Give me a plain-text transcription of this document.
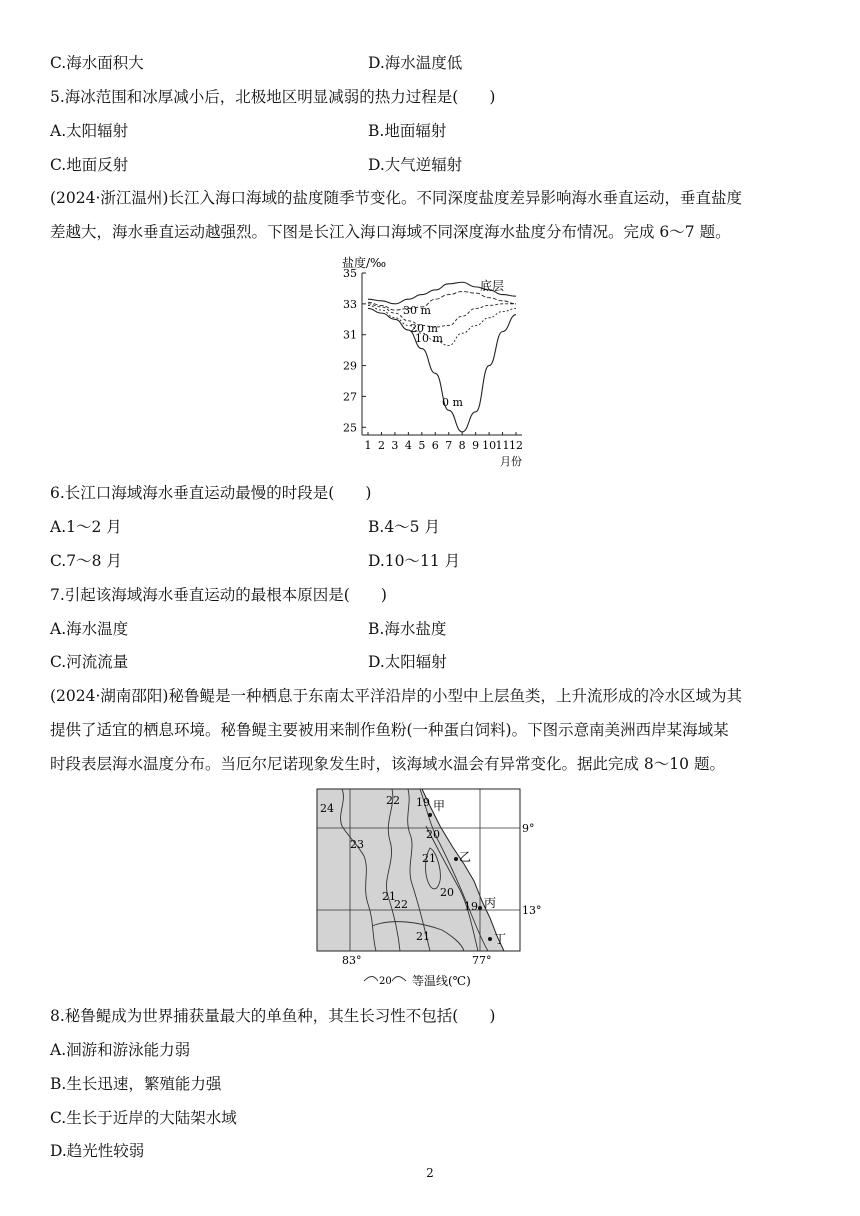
C.海水面积大	D.海水温度低
5.海冰范围和冰厚减小后，北极地区明显减弱的热力过程是(　　)
A.太阳辐射	B.地面辐射
C.地面反射	D.大气逆辐射
(2024·浙江温州)长江入海口海域的盐度随季节变化。不同深度盐度差异影响海水垂直运动，垂直盐度
差越大，海水垂直运动越强烈。下图是长江入海口海域不同深度海水盐度分布情况。完成 6～7 题。
盐度/‰
35
33
31
29
27
25
1 2 3 4 5 6 7 8 9 10 11 12
底层
30 m
20 m
10 m
0 m
月份
6.长江口海域海水垂直运动最慢的时段是(　　)
A.1～2 月	B.4～5 月
C.7～8 月	D.10～11 月
7.引起该海域海水垂直运动的最根本原因是(　　)
A.海水温度	B.海水盐度
C.河流流量	D.太阳辐射
(2024·湖南邵阳)秘鲁鳀是一种栖息于东南太平洋沿岸的小型中上层鱼类，上升流形成的冷水区域为其
提供了适宜的栖息环境。秘鲁鳀主要被用来制作鱼粉(一种蛋白饲料)。下图示意南美洲西岸某海域某
时段表层海水温度分布。当厄尔尼诺现象发生时，该海域水温会有异常变化。据此完成 8～10 题。
24
23
22 19
20
21
21	20
22
21
19
甲
乙
丙
丁
9°
13°
83°	77°
20 等温线(℃)
8.秘鲁鳀成为世界捕获量最大的单鱼种，其生长习性不包括(　　)
A.洄游和游泳能力弱
B.生长迅速，繁殖能力强
C.生长于近岸的大陆架水域
D.趋光性较弱
2
